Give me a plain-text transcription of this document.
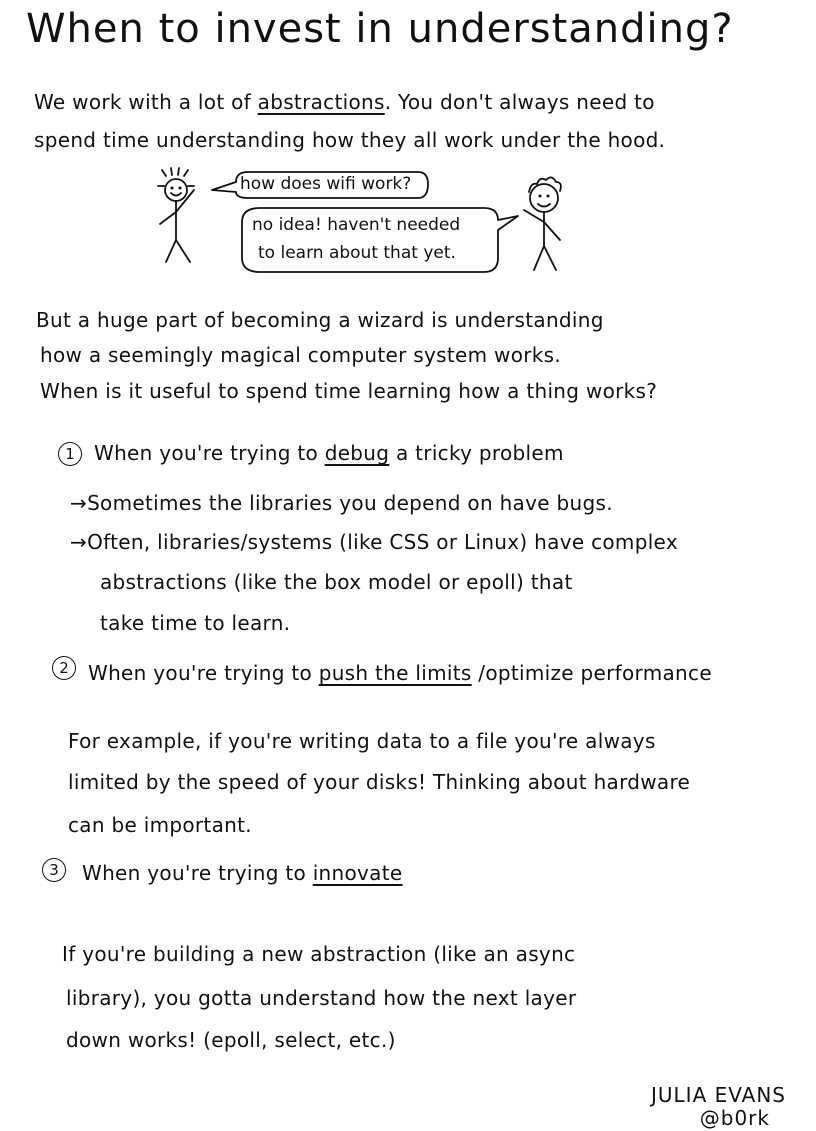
When to invest in understanding?
We work with a lot of abstractions. You don't always need to
spend time understanding how they all work under the hood.
how does wifi work?
no idea! haven't needed
to learn about that yet.
But a huge part of becoming a wizard is understanding
how a seemingly magical computer system works.
When is it useful to spend time learning how a thing works?
1 When you're trying to debug a tricky problem
→Sometimes the libraries you depend on have bugs.
→Often, libraries/systems (like CSS or Linux) have complex
abstractions (like the box model or epoll) that
take time to learn.
2 When you're trying to push the limits /optimize performance
For example, if you're writing data to a file you're always
limited by the speed of your disks! Thinking about hardware
can be important.
3	When you're trying to innovate
If you're building a new abstraction (like an async
library), you gotta understand how the next layer
down works! (epoll, select, etc.)
JULIA EVANS
@b0rk
